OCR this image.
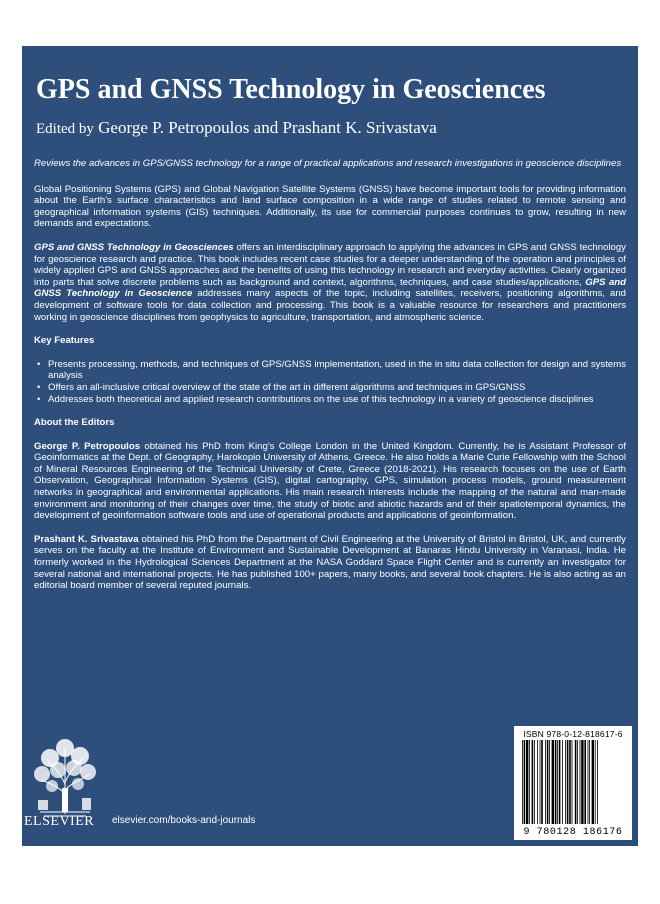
GPS and GNSS Technology in Geosciences
Edited by George P. Petropoulos and Prashant K. Srivastava

Reviews the advances in GPS/GNSS technology for a range of practical applications and research investigations in geoscience disciplines

Global Positioning Systems (GPS) and Global Navigation Satellite Systems (GNSS) have become important tools for providing information about the Earth's surface characteristics and land surface composition in a wide range of studies related to remote sensing and geographical information systems (GIS) techniques. Additionally, its use for commercial purposes continues to grow, resulting in new demands and expectations.

GPS and GNSS Technology in Geosciences offers an interdisciplinary approach to applying the advances in GPS and GNSS technology for geoscience research and practice. This book includes recent case studies for a deeper understanding of the operation and principles of widely applied GPS and GNSS approaches and the benefits of using this technology in research and everyday activities. Clearly organized into parts that solve discrete problems such as background and context, algorithms, techniques, and case studies/applications, GPS and GNSS Technology in Geoscience addresses many aspects of the topic, including satellites, receivers, positioning algorithms, and development of software tools for data collection and processing. This book is a valuable resource for researchers and practitioners working in geoscience disciplines from geophysics to agriculture, transportation, and atmospheric science.

Key Features
• Presents processing, methods, and techniques of GPS/GNSS implementation, used in the in situ data collection for design and systems analysis
• Offers an all-inclusive critical overview of the state of the art in different algorithms and techniques in GPS/GNSS
• Addresses both theoretical and applied research contributions on the use of this technology in a variety of geoscience disciplines
About the Editors

George P. Petropoulos obtained his PhD from King's College London in the United Kingdom. Currently, he is Assistant Professor of Geoinformatics at the Dept. of Geography, Harokopio University of Athens, Greece. He also holds a Marie Curie Fellowship with the School of Mineral Resources Engineering of the Technical University of Crete, Greece (2018-2021). His research focuses on the use of Earth Observation, Geographical Information Systems (GIS), digital cartography, GPS, simulation process models, ground measurement networks in geographical and environmental applications. His main research interests include the mapping of the natural and man-made environment and monitoring of their changes over time, the study of biotic and abiotic hazards and of their spatiotemporal dynamics, the development of geoinformation software tools and use of operational products and applications of geoinformation.

Prashant K. Srivastava obtained his PhD from the Department of Civil Engineering at the University of Bristol in Bristol, UK, and currently serves on the faculty at the Institute of Environment and Sustainable Development at Banaras Hindu University in Varanasi, India. He formerly worked in the Hydrological Sciences Department at the NASA Goddard Space Flight Center and is currently an investigator for several national and international projects. He has published 100+ papers, many books, and several book chapters. He is also acting as an editorial board member of several reputed journals.

ELSEVIER elsevier.com/books-and-journals
ISBN 978-0-12-818617-6
9 780128 186176
